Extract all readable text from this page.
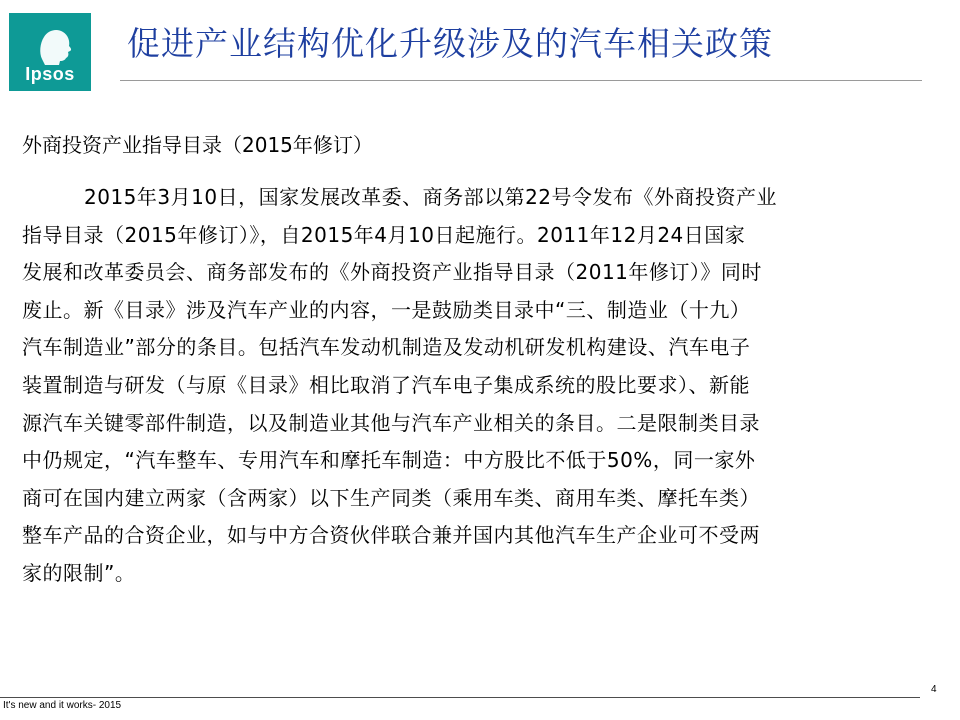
Ipsos
促进产业结构优化升级涉及的汽车相关政策
外商投资产业指导目录（2015年修订）
2015年3月10日，国家发展改革委、商务部以第22号令发布《外商投资产业
指导目录（2015年修订）》，自2015年4月10日起施行。2011年12月24日国家
发展和改革委员会、商务部发布的《外商投资产业指导目录（2011年修订）》同时
废止。新《目录》涉及汽车产业的内容，一是鼓励类目录中“三、制造业（十九）
汽车制造业”部分的条目。包括汽车发动机制造及发动机研发机构建设、汽车电子
装置制造与研发（与原《目录》相比取消了汽车电子集成系统的股比要求）、新能
源汽车关键零部件制造，以及制造业其他与汽车产业相关的条目。二是限制类目录
中仍规定，“汽车整车、专用汽车和摩托车制造：中方股比不低于50%，同一家外
商可在国内建立两家（含两家）以下生产同类（乘用车类、商用车类、摩托车类）
整车产品的合资企业，如与中方合资伙伴联合兼并国内其他汽车生产企业可不受两
家的限制”。
4
It's new and it works- 2015
